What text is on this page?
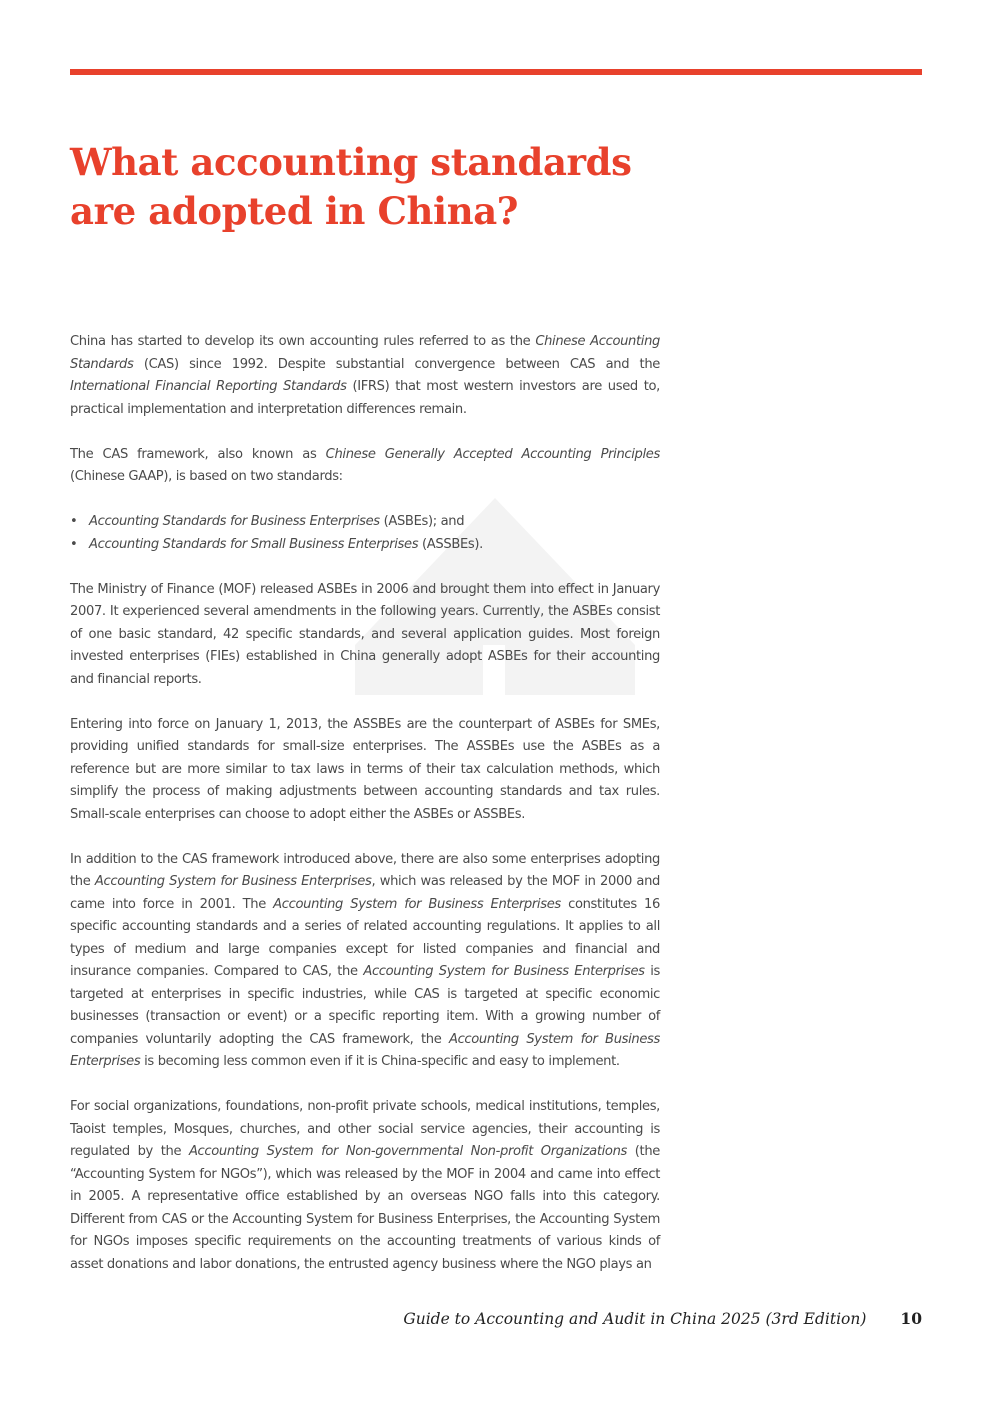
What accounting standards
are adopted in China?

China has started to develop its own accounting rules referred to as the Chinese Accounting Standards (CAS) since 1992. Despite substantial convergence between CAS and the International Financial Reporting Standards (IFRS) that most western investors are used to, practical implementation and interpretation differences remain.

The CAS framework, also known as Chinese Generally Accepted Accounting Principles (Chinese GAAP), is based on two standards:

• Accounting Standards for Business Enterprises (ASBEs); and
• Accounting Standards for Small Business Enterprises (ASSBEs).

The Ministry of Finance (MOF) released ASBEs in 2006 and brought them into effect in January 2007. It experienced several amendments in the following years. Currently, the ASBEs consist of one basic standard, 42 specific standards, and several application guides. Most foreign invested enterprises (FIEs) established in China generally adopt ASBEs for their accounting and financial reports.

Entering into force on January 1, 2013, the ASSBEs are the counterpart of ASBEs for SMEs, providing unified standards for small-size enterprises. The ASSBEs use the ASBEs as a reference but are more similar to tax laws in terms of their tax calculation methods, which simplify the process of making adjustments between accounting standards and tax rules. Small-scale enterprises can choose to adopt either the ASBEs or ASSBEs.

In addition to the CAS framework introduced above, there are also some enterprises adopting the Accounting System for Business Enterprises, which was released by the MOF in 2000 and came into force in 2001. The Accounting System for Business Enterprises constitutes 16 specific accounting standards and a series of related accounting regulations. It applies to all types of medium and large companies except for listed companies and financial and insurance companies. Compared to CAS, the Accounting System for Business Enterprises is targeted at enterprises in specific industries, while CAS is targeted at specific economic businesses (transaction or event) or a specific reporting item. With a growing number of companies voluntarily adopting the CAS framework, the Accounting System for Business Enterprises is becoming less common even if it is China-specific and easy to implement.

For social organizations, foundations, non-profit private schools, medical institutions, temples, Taoist temples, Mosques, churches, and other social service agencies, their accounting is regulated by the Accounting System for Non-governmental Non-profit Organizations (the “Accounting System for NGOs”), which was released by the MOF in 2004 and came into effect in 2005. A representative office established by an overseas NGO falls into this category. Different from CAS or the Accounting System for Business Enterprises, the Accounting System for NGOs imposes specific requirements on the accounting treatments of various kinds of asset donations and labor donations, the entrusted agency business where the NGO plays an

Guide to Accounting and Audit in China 2025 (3rd Edition) 10
